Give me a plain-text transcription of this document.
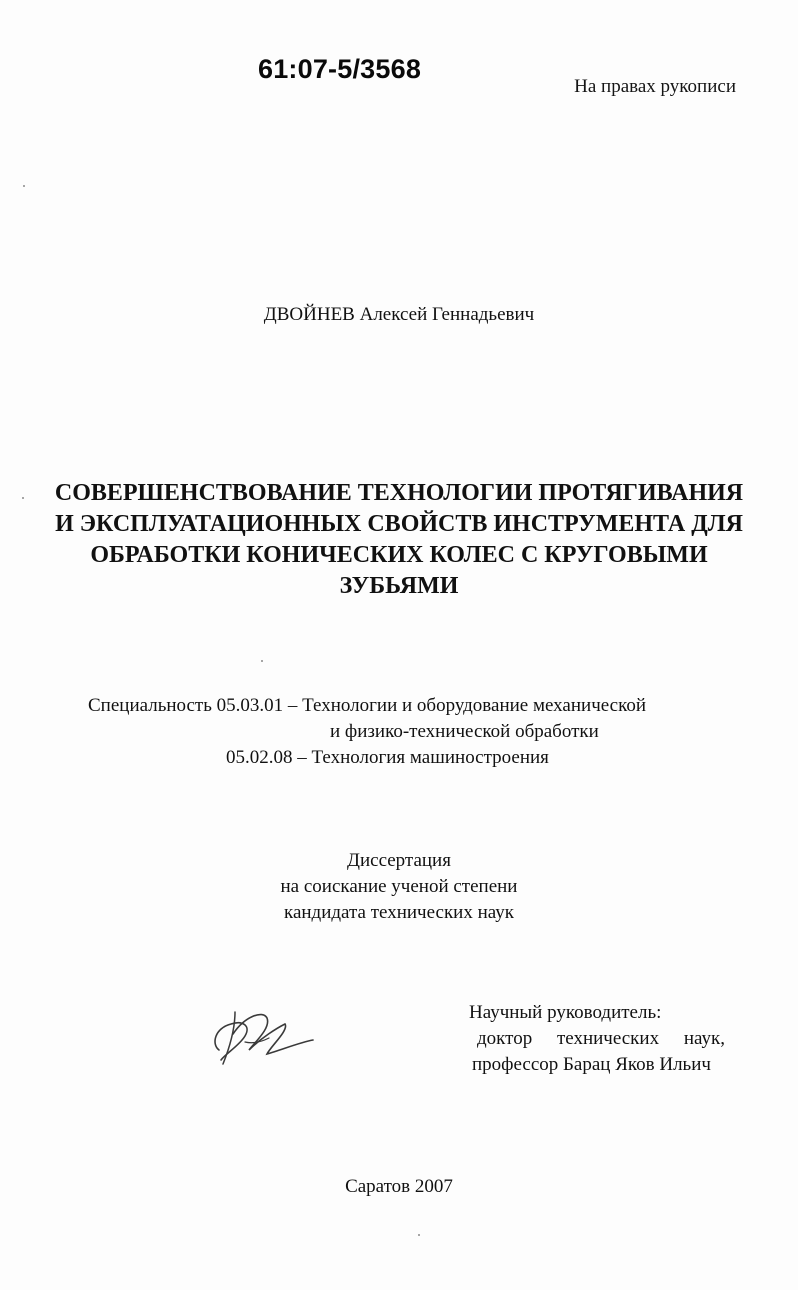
61:07-5/3568
На правах рукописи
ДВОЙНЕВ Алексей Геннадьевич
СОВЕРШЕНСТВОВАНИЕ ТЕХНОЛОГИИ ПРОТЯГИВАНИЯ
И ЭКСПЛУАТАЦИОННЫХ СВОЙСТВ ИНСТРУМЕНТА ДЛЯ
ОБРАБОТКИ КОНИЧЕСКИХ КОЛЕС С КРУГОВЫМИ
ЗУБЬЯМИ
Специальность 05.03.01 – Технологии и оборудование механической
и физико-технической обработки
05.02.08 – Технология машиностроения
Диссертация
на соискание ученой степени
кандидата технических наук
Научный руководитель:
доктор технических наук,
профессор Барац Яков Ильич
Саратов 2007
